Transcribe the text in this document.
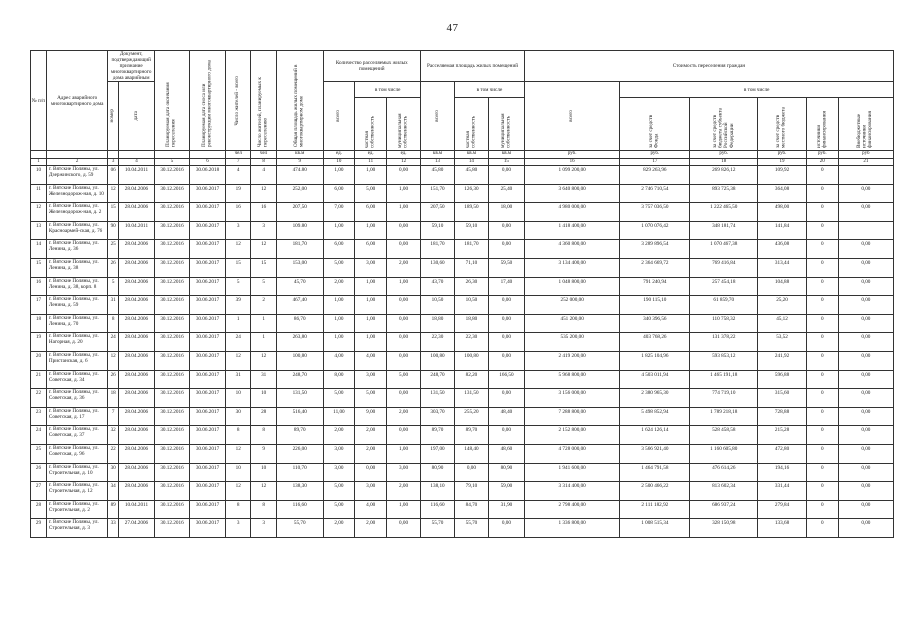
47
№ п/п	Адрес аварийного многоквартирного дома	Документ, подтверждающий признание многоквартирного дома аварийным		Планируемая дата окончания переселения	Планируемая дата сноса или реконструкции многоквартирного дома	Число жителей - всего	Число жителей, планируемых к переселению	Общая площадь жилых помещений в многоквартирном доме	Количество расселяемых жилых помещений			Расселяемая площадь жилых помещений			Стоимость переселения граждан					

		номер	дата						всего	в том числе		всего	в том числе		всего	в том числе				

										частная собственность	муниципальная собственность		частная собственность	муниципальная собственность		за счет средств Фонда	за счет средств бюджета субъекта Российской Федерации	за счет средств местного бюджета	источники финансирования	Внебюджетные источники финансирования

						чел	чел	кв.м	ед.	ед.	ед.	кв.м	кв.м	кв.м	руб.	руб.	руб.	руб.	руб.	руб
1	2	3	4	5	6	7	8	9	10	11	12	13	14	15	16	17	18	19	20	21
10	г. Вятские Поляны, ул. Дзержинского, д. 59	06	10.04.2011	30.12.2016	30.06.2018	4	4	474.80	1,00	1,00	0,00	45,80	45,80	0,00	1 099 200,00	829 263,96	269 826,12	109,92	0	
11	г. Вятские Поляны, ул. Железнодорож-ная, д. 10	12	28.04.2006	30.12.2016	30.06.2017	19	12	252,00	6,00	5,00	1,00	151,70	126,30	25,40	3 640 800,00	2 746 710,54	893 725,38	364,08	0	0,00
12	г. Вятские Поляны, ул. Железнодорож-ная, д. 2	15	28.04.2006	30.12.2016	30.06.2017	16	16	207,50	7,00	6,00	1,00	207,50	189,50	18,00	4 980 000,00	3 757 036,50	1 222 465,50	498,00	0	0,00
13	г. Вятские Поляны, ул. Красноармей-ская, д. 76	90	10.04.2011	30.12.2016	30.06.2017	3	3	109.80	1,00	1,00	0,00	59,10	59,10	0,00	1 418 400,00	1 070 076,42	348 181,74	141,84	0	
14	г. Вятские Поляны, ул. Ленина, д. 36	25	28.04.2006	30.12.2016	30.06.2017	12	12	181,70	6,00	6,00	0,00	181,70	181,70	0,00	4 360 800,00	3 289 896,54	1 070 467,38	436,08	0	0,00
15	г. Вятские Поляны, ул. Ленина, д. 38	26	28.04.2006	30.12.2016	30.06.2017	15	15	153,00	5,00	3,00	2,00	130,60	71,10	59,50	3 134 400,00	2 364 669,72	769 416,84	313,44	0	0,00
16	г. Вятские Поляны, ул. Ленина, д. 38, корп. 8	5	28.04.2006	30.12.2016	30.06.2017	5	5	45,70	2,00	1,00	1,00	43,70	26,30	17,40	1 048 800,00	791 240,94	257 454,18	104,88	0	0,00
17	г. Вятские Поляны, ул. Ленина, д. 59	31	28.04.2006	30.12.2016	30.06.2017	39	2	467,40	1,00	1,00	0,00	10,50	10,50	0,00	252 000,00	190 115,10	61 859,70	25,20	0	0,00
18	г. Вятские Поляны, ул. Ленина, д. 70	8	28.04.2006	30.12.2016	30.06.2017	1	1	86,70	1,00	1,00	0,00	18,80	18,80	0,00	451 200,00	340 396,56	110 758,32	45,12	0	0,00
19	г. Вятские Поляны, ул. Нагорная, д. 20	24	28.04.2006	30.12.2016	30.06.2017	24	1	263,80	1,00	1,00	0,00	22,30	22,30	0,00	535 200,00	403 768,26	131 378,22	53,52	0	0,00
20	г. Вятские Поляны, ул. Пристанская, д. 6	12	28.04.2006	30.12.2016	30.06.2017	12	12	100,80	4,00	4,00	0,00	100,80	100,80	0,00	2 419 200,00	1 825 104,96	593 853,12	241,92	0	0,00
21	г. Вятские Поляны, ул. Советская, д. 34	26	28.04.2006	30.12.2016	30.06.2017	31	31	248,70	8,00	3,00	5,00	248,70	82,20	166,50	5 968 800,00	4 503 011,94	1 465 191,18	596,88	0	0,00
22	г. Вятские Поляны, ул. Советская, д. 36	18	28.04.2006	30.12.2016	30.06.2017	10	10	131,50	5,00	5,00	0,00	131,50	131,50	0,00	3 156 000,00	2 380 965,30	774 719,10	315,60	0	0,00
23	г. Вятские Поляны, ул. Советская, д. 17	7	28.04.2006	30.12.2016	30.06.2017	30	28	516,40	11,00	9,00	2,00	303,70	255,20	48,40	7 288 800,00	5 498 852,94	1 789 218,18	728,88	0	0,00
24	г. Вятские Поляны, ул. Советская, д. 37	32	28.04.2006	30.12.2016	30.06.2017	8	8	89,70	2,00	2,00	0,00	89,70	89,70	0,00	2 152 800,00	1 624 126,14	528 458,58	215,28	0	0,00
25	г. Вятские Поляны, ул. Советская, д. 96	22	28.04.2006	30.12.2016	30.06.2017	12	9	226,00	3,00	2,00	1,00	197,00	148,40	48,60	4 728 000,00	3 566 921,40	1 160 605,80	472,80	0	0,00
26	г. Вятские Поляны, ул. Строительная, д. 10	30	28.04.2006	30.12.2016	30.06.2017	10	10	110,70	3,00	0,00	3,00	80,90	0,00	80,90	1 941 600,00	1 464 791,58	476 614,26	194,16	0	0,00
27	г. Вятские Поляны, ул. Строительная, д. 12	34	28.04.2006	30.12.2016	30.06.2017	12	12	138,30	5,00	3,00	2,00	138,10	79,10	59,00	3 314 400,00	2 500 466,22	813 602,34	331,44	0	0,00
28	г. Вятские Поляны, ул. Строительная, д. 2	89	10.04.2011	30.12.2016	30.06.2017	8	8	116,60	5,00	4,00	1,00	116,60	84,70	31,90	2 798 400,00	2 111 182,92	686 937,24	279,84	0	0,00
29	г. Вятские Поляны, ул. Строительная, д. 3	33	27.04.2006	30.12.2016	30.06.2017	3	3	55,70	2,00	2,00	0,00	55,70	55,70	0,00	1 336 800,00	1 008 515,34	328 150,98	133,68	0	0,00
